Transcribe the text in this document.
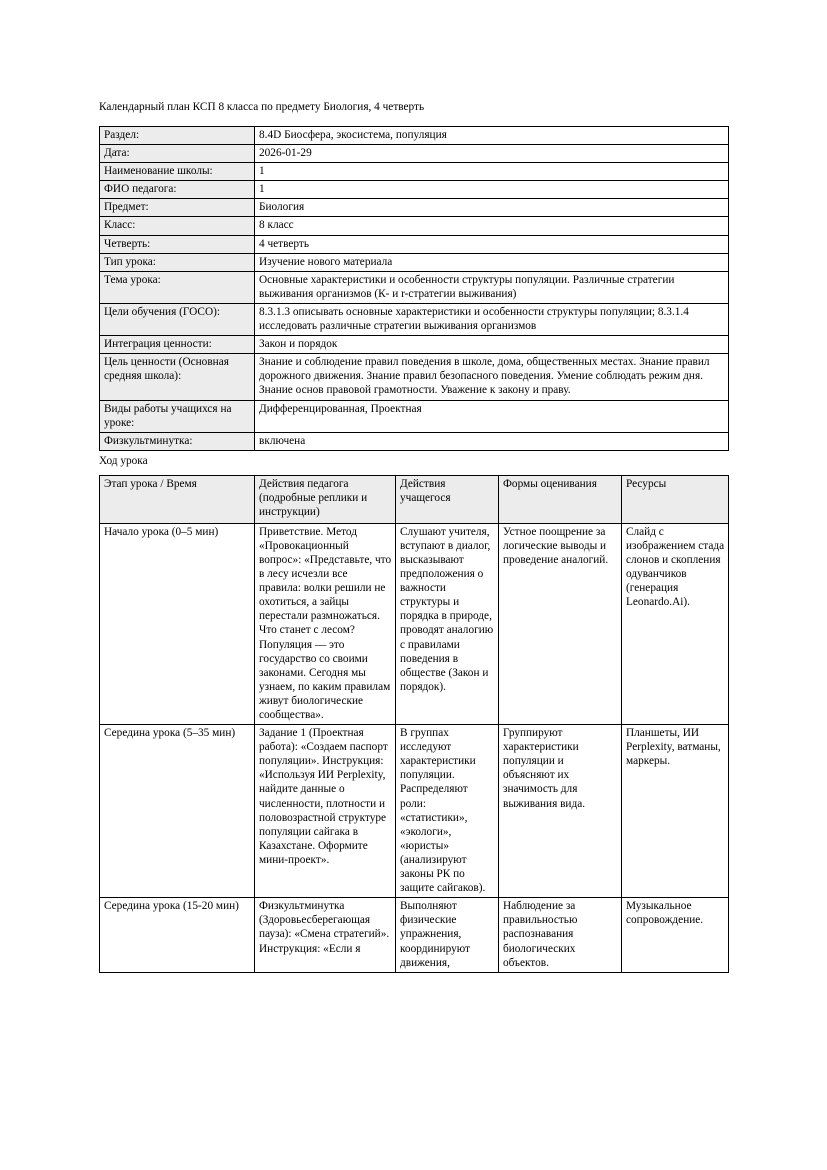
Календарный план КСП 8 класса по предмету Биология, 4 четверть

Раздел:	8.4D Биосфера, экосистема, популяция
Дата:	2026-01-29
Наименование школы:	1
ФИО педагога:	1
Предмет:	Биология
Класс:	8 класс
Четверть:	4 четверть
Тип урока:	Изучение нового материала
Тема урока:	Основные характеристики и особенности структуры популяции. Различные стратегии выживания организмов (К- и r-стратегии выживания)
Цели обучения (ГОСО):	8.3.1.3 описывать основные характеристики и особенности структуры популяции; 8.3.1.4 исследовать различные стратегии выживания организмов
Интеграция ценности:	Закон и порядок
Цель ценности (Основная средняя школа):	Знание и соблюдение правил поведения в школе, дома, общественных местах. Знание правил дорожного движения. Знание правил безопасного поведения. Умение соблюдать режим дня. Знание основ правовой грамотности. Уважение к закону и праву.
Виды работы учащихся на уроке:	Дифференцированная, Проектная
Физкультминутка:	включена

Ход урока

Этап урока / Время	Действия педагога (подробные реплики и инструкции)	Действия учащегося	Формы оценивания	Ресурсы
Начало урока (0–5 мин)	Приветствие. Метод «Провокационный вопрос»: «Представьте, что в лесу исчезли все правила: волки решили не охотиться, а зайцы перестали размножаться. Что станет с лесом? Популяция — это государство со своими законами. Сегодня мы узнаем, по каким правилам живут биологические сообщества».	Слушают учителя, вступают в диалог, высказывают предположения о важности структуры и порядка в природе, проводят аналогию с правилами поведения в обществе (Закон и порядок).	Устное поощрение за логические выводы и проведение аналогий.	Слайд с изображением стада слонов и скопления одуванчиков (генерация Leonardo.Ai).
Середина урока (5–35 мин)	Задание 1 (Проектная работа): «Создаем паспорт популяции». Инструкция: «Используя ИИ Perplexity, найдите данные о численности, плотности и половозрастной структуре популяции сайгака в Казахстане. Оформите мини-проект».	В группах исследуют характеристики популяции. Распределяют роли: «статистики», «экологи», «юристы» (анализируют законы РК по защите сайгаков).	Группируют характеристики популяции и объясняют их значимость для выживания вида.	Планшеты, ИИ Perplexity, ватманы, маркеры.
Середина урока (15-20 мин)	Физкультминутка (Здоровьесберегающая пауза): «Смена стратегий». Инструкция: «Если я	Выполняют физические упражнения, координируют движения,	Наблюдение за правильностью распознавания биологических объектов.	Музыкальное сопровождение.
